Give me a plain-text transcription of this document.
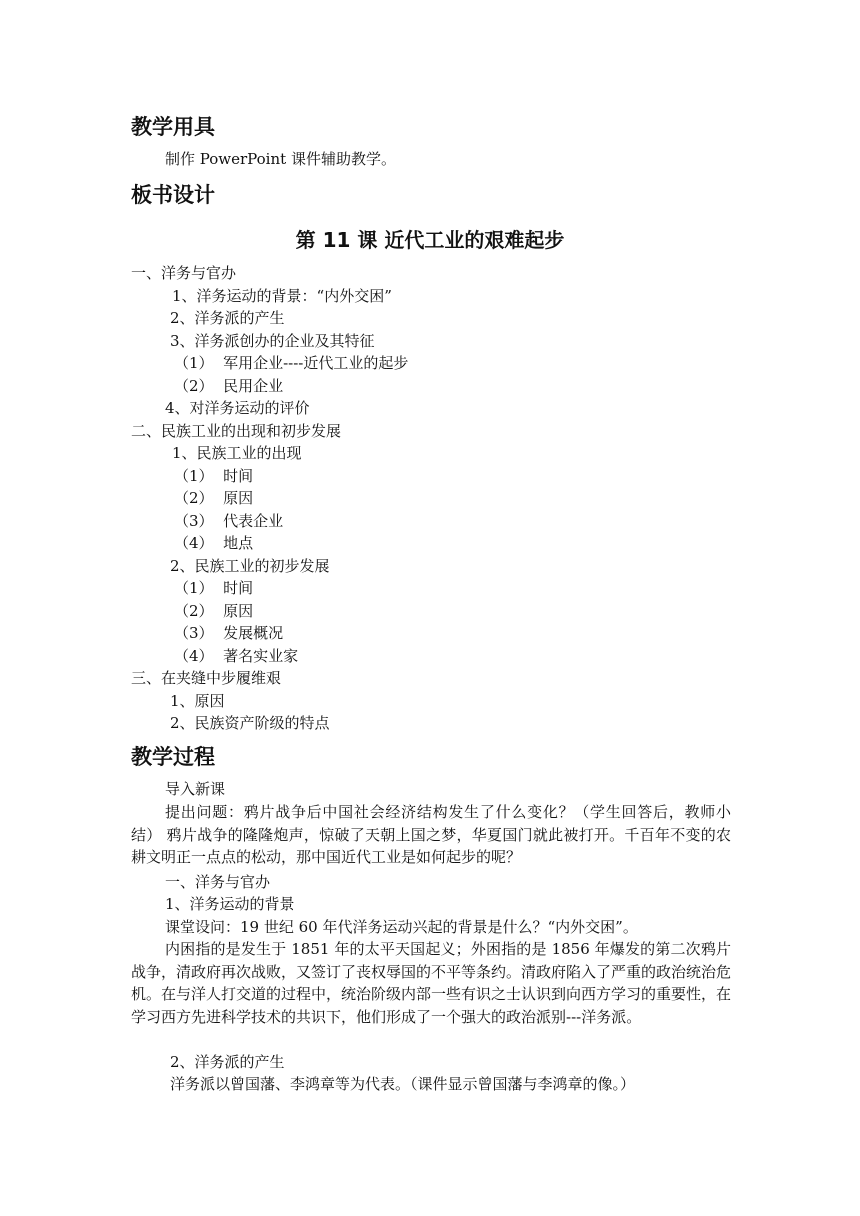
教学用具

制作 PowerPoint 课件辅助教学。

板书设计
第 11 课 近代工业的艰难起步

一、洋务与官办

1、洋务运动的背景：“内外交困”

2、洋务派的产生

3、洋务派创办的企业及其特征

（1）  军用企业----近代工业的起步

（2）  民用企业

4、对洋务运动的评价

二、民族工业的出现和初步发展

1、民族工业的出现

（1）  时间

（2）  原因

（3）  代表企业

（4）  地点

2、民族工业的初步发展

（1）  时间

（2）  原因

（3）  发展概况

（4）  著名实业家

三、在夹缝中步履维艰

1、原因

2、民族资产阶级的特点

教学过程

导入新课

提出问题：鸦片战争后中国社会经济结构发生了什么变化？（学生回答后，教师小结） 鸦片战争的隆隆炮声，惊破了天朝上国之梦，华夏国门就此被打开。千百年不变的农耕文明正一点点的松动，那中国近代工业是如何起步的呢？

一、洋务与官办

1、洋务运动的背景

课堂设问：19 世纪 60 年代洋务运动兴起的背景是什么？“内外交困”。

内困指的是发生于 1851 年的太平天国起义；外困指的是 1856 年爆发的第二次鸦片战争，清政府再次战败，又签订了丧权辱国的不平等条约。清政府陷入了严重的政治统治危机。在与洋人打交道的过程中，统治阶级内部一些有识之士认识到向西方学习的重要性，在学习西方先进科学技术的共识下，他们形成了一个强大的政治派别---洋务派。

2、洋务派的产生

洋务派以曾国藩、李鸿章等为代表。（课件显示曾国藩与李鸿章的像。）
